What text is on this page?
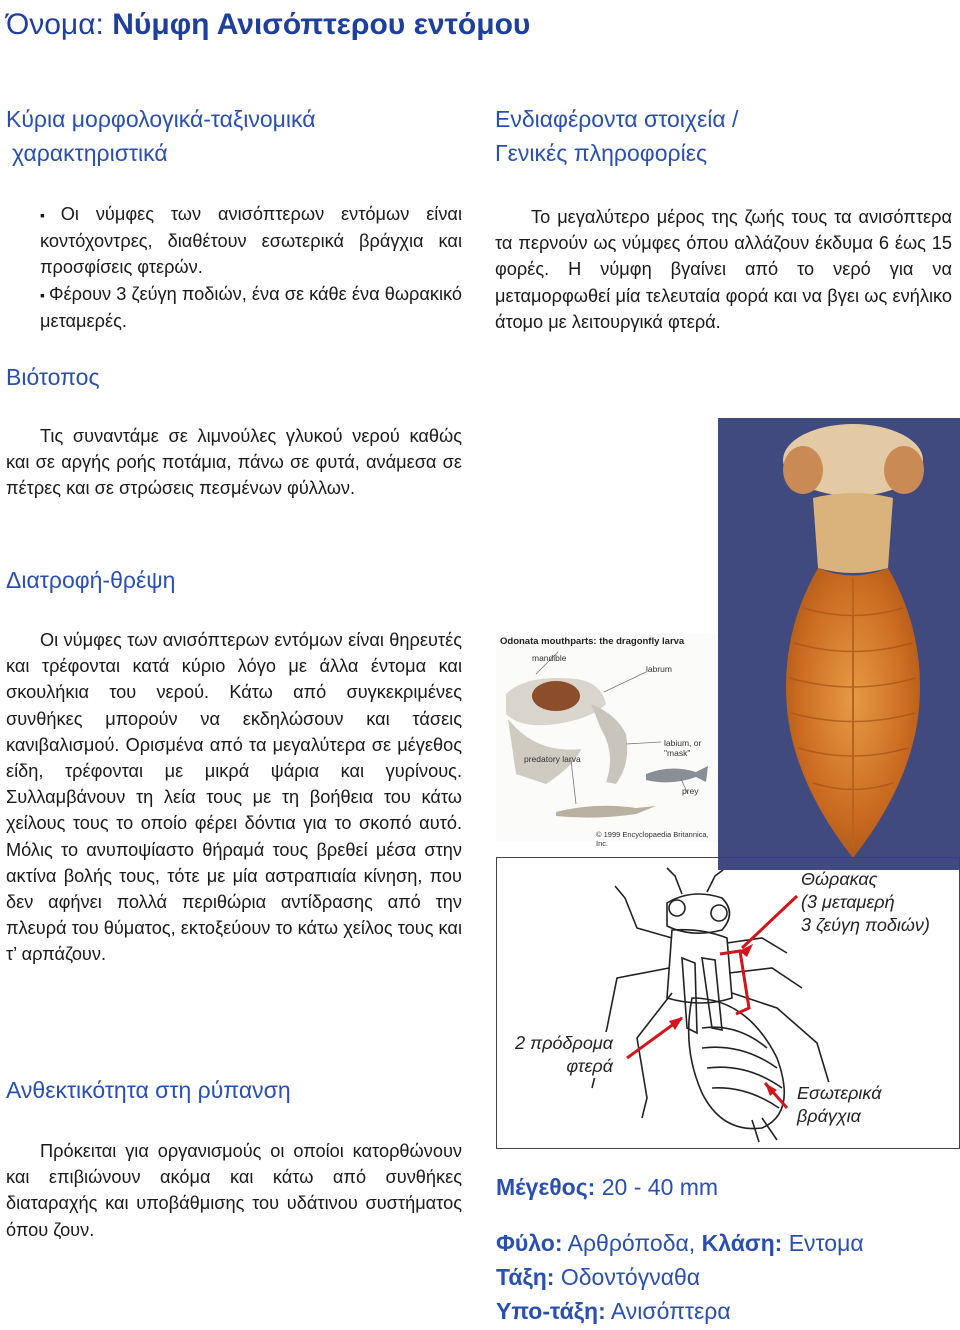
Όνομα: Νύμφη Ανισόπτερου εντόμου
Κύρια μορφολογικά-ταξινομικά
χαρακτηριστικά

▪ Οι νύμφες των ανισόπτερων εντόμων είναι κοντόχοντρες, διαθέτουν εσωτερικά βράγχια και προσφίσεις φτερών.

▪ Φέρουν 3 ζεύγη ποδιών, ένα σε κάθε ένα θωρακικό μεταμερές.

Βιότοπος
Τις συναντάμε σε λιμνούλες γλυκού νερού καθώς και σε αργής ροής ποτάμια, πάνω σε φυτά, ανάμεσα σε πέτρες και σε στρώσεις πεσμένων φύλλων.
Διατροφή-θρέψη
Οι νύμφες των ανισόπτερων εντόμων είναι θηρευτές και τρέφονται κατά κύριο λόγο με άλλα έντομα και σκουλήκια του νερού. Κάτω από συγκεκριμένες συνθήκες μπορούν να εκδηλώσουν και τάσεις κανιβαλισμού. Ορισμένα από τα μεγαλύτερα σε μέγεθος είδη, τρέφονται με μικρά ψάρια και γυρίνους. Συλλαμβάνουν τη λεία τους με τη βοήθεια του κάτω χείλους τους το οποίο φέρει δόντια για το σκοπό αυτό. Μόλις το ανυποψίαστο θήραμά τους βρεθεί μέσα στην ακτίνα βολής τους, τότε με μία αστραπιαία κίνηση, που δεν αφήνει πολλά περιθώρια αντίδρασης από την πλευρά του θύματος, εκτοξεύουν το κάτω χείλος τους και τ’ αρπάζουν.
Ανθεκτικότητα στη ρύπανση
Πρόκειται για οργανισμούς οι οποίοι κατορθώνουν και επιβιώνουν ακόμα και κάτω από συνθήκες διαταραχής και υποβάθμισης του υδάτινου συστήματος όπου ζουν.
Ενδιαφέροντα στοιχεία /
Γενικές πληροφορίες
Το μεγαλύτερο μέρος της ζωής τους τα ανισόπτερα τα περνούν ως νύμφες όπου αλλάζουν έκδυμα 6 έως 15 φορές. Η νύμφη βγαίνει από το νερό για να μεταμορφωθεί μία τελευταία φορά και να βγει ως ενήλικο άτομο με λειτουργικά φτερά.
Odonata mouthparts: the dragonfly larva
mandible
labrum
labium, or "mask"
predatory larva
prey
© 1999 Encyclopaedia Britannica, Inc.
Θώρακας
(3 μεταμερή
3 ζεύγη ποδιών)
2 πρόδρομα
φτερά
Εσωτερικά
βράγχια
Μέγεθος: 20 - 40 mm
Φύλο: Αρθρόποδα, Κλάση: Εντομα
Τάξη: Οδοντόγναθα
Υπο-τάξη: Ανισόπτερα
